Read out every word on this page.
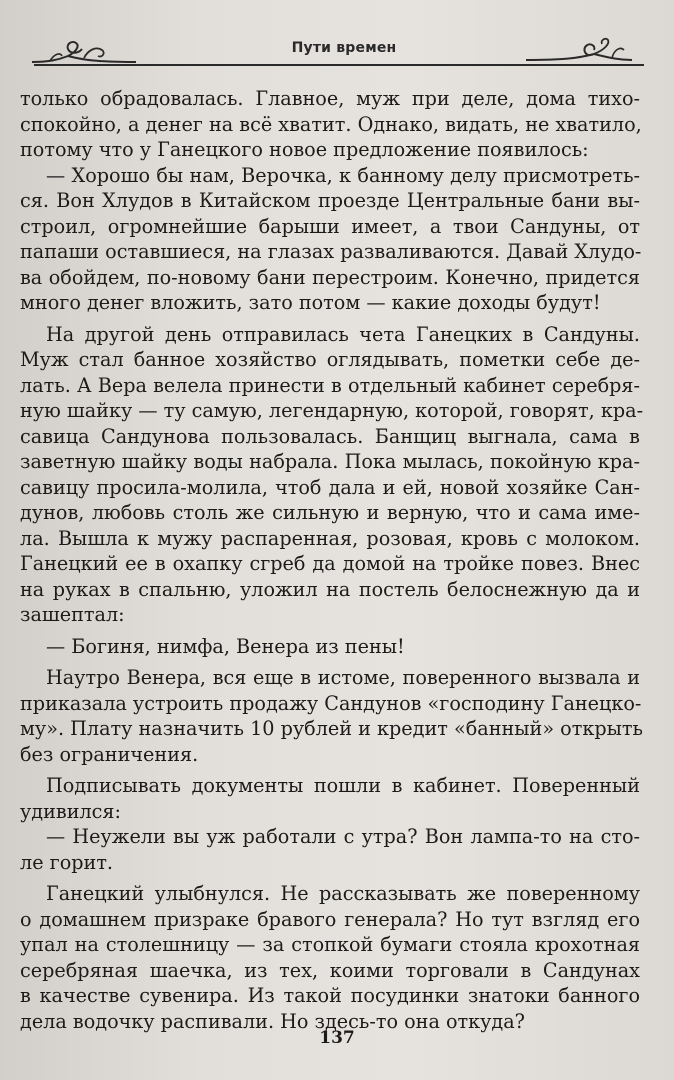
Пути времен
только обрадовалась. Главное, муж при деле, дома тихо-
спокойно, а денег на всё хватит. Однако, видать, не хватило,
потому что у Ганецкого новое предложение появилось:
— Хорошо бы нам, Верочка, к банному делу присмотреть-
ся. Вон Хлудов в Китайском проезде Центральные бани вы-
строил, огромнейшие барыши имеет, а твои Сандуны, от
папаши оставшиеся, на глазах разваливаются. Давай Хлудо-
ва обойдем, по-новому бани перестроим. Конечно, придется
много денег вложить, зато потом — какие доходы будут!
На другой день отправилась чета Ганецких в Сандуны.
Муж стал банное хозяйство оглядывать, пометки себе де-
лать. А Вера велела принести в отдельный кабинет серебря-
ную шайку — ту самую, легендарную, которой, говорят, кра-
савица Сандунова пользовалась. Банщиц выгнала, сама в
заветную шайку воды набрала. Пока мылась, покойную кра-
савицу просила-молила, чтоб дала и ей, новой хозяйке Сан-
дунов, любовь столь же сильную и верную, что и сама име-
ла. Вышла к мужу распаренная, розовая, кровь с молоком.
Ганецкий ее в охапку сгреб да домой на тройке повез. Внес
на руках в спальню, уложил на постель белоснежную да и
зашептал:
— Богиня, нимфа, Венера из пены!
Наутро Венера, вся еще в истоме, поверенного вызвала и
приказала устроить продажу Сандунов «господину Ганецко-
му». Плату назначить 10 рублей и кредит «банный» открыть
без ограничения.
Подписывать документы пошли в кабинет. Поверенный
удивился:
— Неужели вы уж работали с утра? Вон лампа-то на сто-
ле горит.
Ганецкий улыбнулся. Не рассказывать же поверенному
о домашнем призраке бравого генерала? Но тут взгляд его
упал на столешницу — за стопкой бумаги стояла крохотная
серебряная шаечка, из тех, коими торговали в Сандунах
в качестве сувенира. Из такой посудинки знатоки банного
дела водочку распивали. Но здесь-то она откуда?
137
